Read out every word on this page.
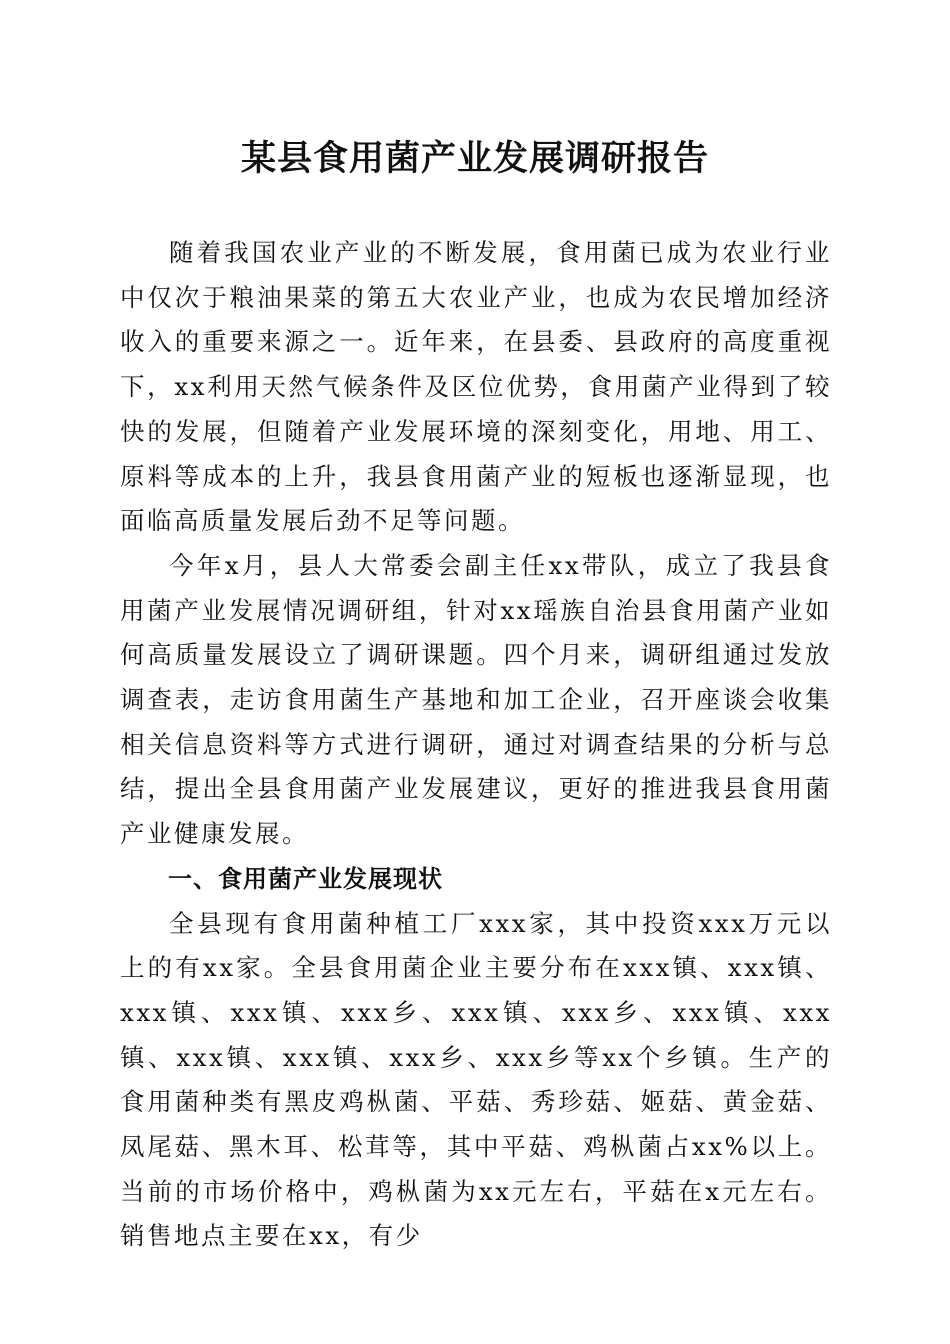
某县食用菌产业发展调研报告

随着我国农业产业的不断发展，食用菌已成为农业行业中仅次于粮油果菜的第五大农业产业，也成为农民增加经济收入的重要来源之一。近年来，在县委、县政府的高度重视下，xx利用天然气候条件及区位优势，食用菌产业得到了较快的发展，但随着产业发展环境的深刻变化，用地、用工、原料等成本的上升，我县食用菌产业的短板也逐渐显现，也面临高质量发展后劲不足等问题。

今年x月，县人大常委会副主任xx带队，成立了我县食用菌产业发展情况调研组，针对xx瑶族自治县食用菌产业如何高质量发展设立了调研课题。四个月来，调研组通过发放调查表，走访食用菌生产基地和加工企业，召开座谈会收集相关信息资料等方式进行调研，通过对调查结果的分析与总结，提出全县食用菌产业发展建议，更好的推进我县食用菌产业健康发展。

一、食用菌产业发展现状

全县现有食用菌种植工厂xxx家，其中投资xxx万元以上的有xx家。全县食用菌企业主要分布在xxx镇、xxx镇、xxx镇、xxx镇、xxx乡、xxx镇、xxx乡、xxx镇、xxx镇、xxx镇、xxx镇、xxx乡、xxx乡等xx个乡镇。生产的食用菌种类有黑皮鸡枞菌、平菇、秀珍菇、姬菇、黄金菇、凤尾菇、黑木耳、松茸等，其中平菇、鸡枞菌占xx%以上。当前的市场价格中，鸡枞菌为xx元左右，平菇在x元左右。销售地点主要在xx，有少
